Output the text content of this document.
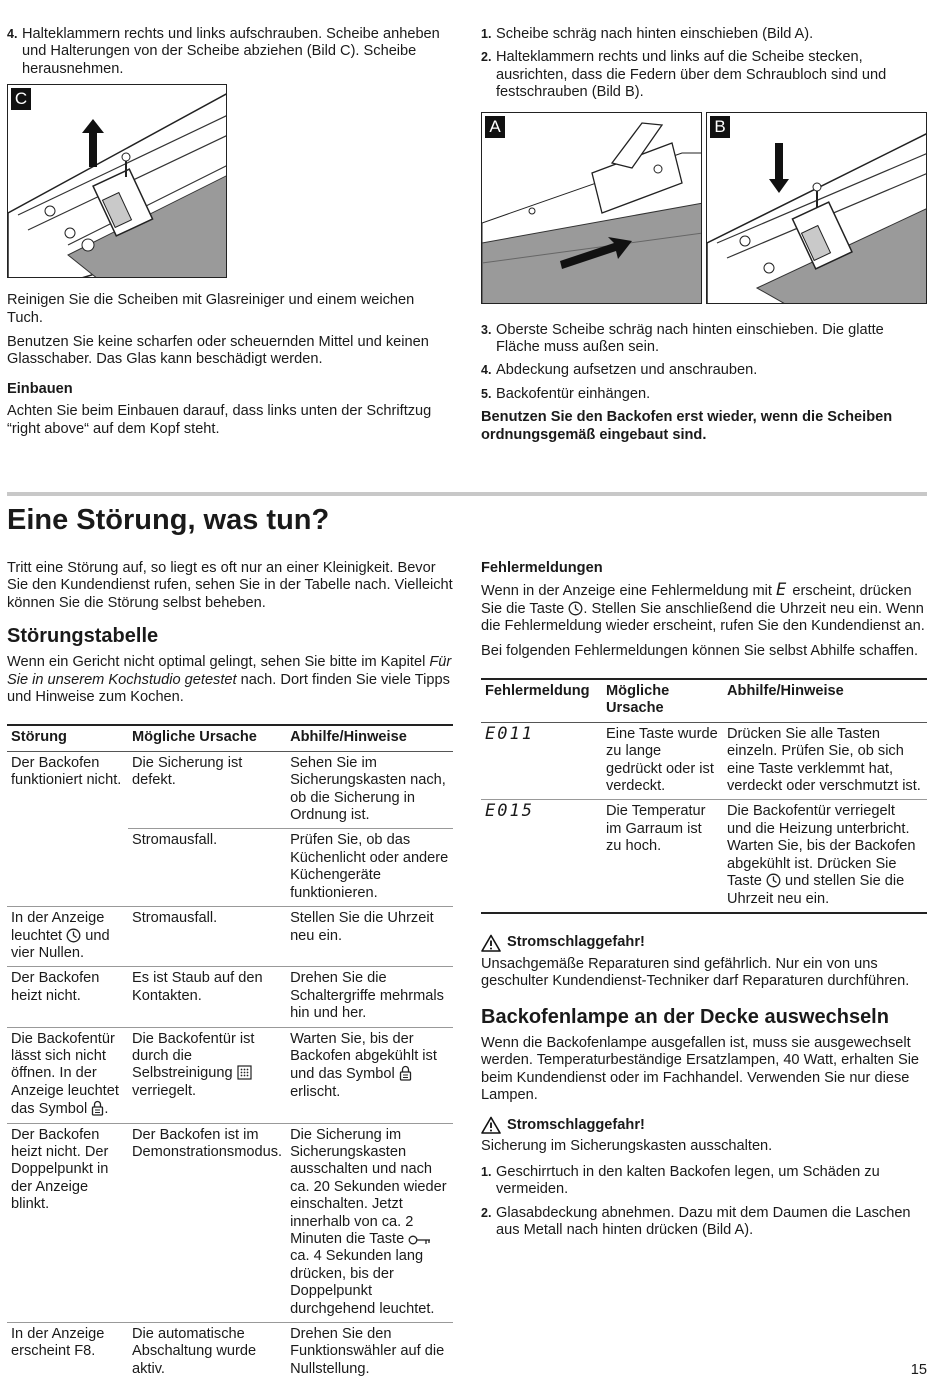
4. Halteklammern rechts und links aufschrauben. Scheibe anheben und Halterungen von der Scheibe abziehen (Bild C). Scheibe herausnehmen.
C

Reinigen Sie die Scheiben mit Glasreiniger und einem weichen Tuch.

Benutzen Sie keine scharfen oder scheuernden Mittel und keinen Glasschaber. Das Glas kann beschädigt werden.

Einbauen

Achten Sie beim Einbauen darauf, dass links unten der Schriftzug “right above“ auf dem Kopf steht.

1. Scheibe schräg nach hinten einschieben (Bild A).
2. Halteklammern rechts und links auf die Scheibe stecken, ausrichten, dass die Federn über dem Schraubloch sind und festschrauben (Bild B).
A	B
3. Oberste Scheibe schräg nach hinten einschieben. Die glatte Fläche muss außen sein.
4. Abdeckung aufsetzen und anschrauben.
5. Backofentür einhängen.

Benutzen Sie den Backofen erst wieder, wenn die Scheiben ordnungsgemäß eingebaut sind.

Eine Störung, was tun?

Tritt eine Störung auf, so liegt es oft nur an einer Kleinigkeit. Bevor Sie den Kundendienst rufen, sehen Sie in der Tabelle nach. Vielleicht können Sie die Störung selbst beheben.

Störungstabelle

Wenn ein Gericht nicht optimal gelingt, sehen Sie bitte im Kapitel Für Sie in unserem Kochstudio getestet nach. Dort finden Sie viele Tipps und Hinweise zum Kochen.

Störung	Mögliche Ursache	Abhilfe/Hinweise
Der Backofen funktioniert nicht.	Die Sicherung ist defekt.	Sehen Sie im Sicherungskasten nach, ob die Sicherung in Ordnung ist.
	Stromausfall.	Prüfen Sie, ob das Küchenlicht oder andere Küchengeräte funktionieren.
In der Anzeige leuchtet  und vier Nullen.	Stromausfall.	Stellen Sie die Uhrzeit neu ein.
Der Backofen heizt nicht.	Es ist Staub auf den Kontakten.	Drehen Sie die Schaltergriffe mehrmals hin und her.
Die Backofentür lässt sich nicht öffnen. In der Anzeige leuchtet das Symbol .	Die Backofentür ist durch die Selbstreinigung  verriegelt.	Warten Sie, bis der Backofen abgekühlt ist und das Symbol  erlischt.
Der Backofen heizt nicht. Der Doppelpunkt in der Anzeige blinkt.	Der Backofen ist im Demonstrationsmodus.	Die Sicherung im Sicherungskasten ausschalten und nach ca. 20 Sekunden wieder einschalten. Jetzt innerhalb von ca. 2 Minuten die Taste  ca. 4 Sekunden lang drücken, bis der Doppelpunkt durchgehend leuchtet.
In der Anzeige erscheint F8.	Die automatische Abschaltung wurde aktiv.	Drehen Sie den Funktionswähler auf die Nullstellung.
Fehlermeldungen

Wenn in der Anzeige eine Fehlermeldung mit E erscheint, drücken Sie die Taste . Stellen Sie anschließend die Uhrzeit neu ein. Wenn die Fehlermeldung wieder erscheint, rufen Sie den Kundendienst an.

Bei folgenden Fehlermeldungen können Sie selbst Abhilfe schaffen.

Fehlermeldung	Mögliche Ursache	Abhilfe/Hinweise
E011	Eine Taste wurde zu lange gedrückt oder ist verdeckt.	Drücken Sie alle Tasten einzeln. Prüfen Sie, ob sich eine Taste verklemmt hat, verdeckt oder verschmutzt ist.
E015	Die Temperatur im Garraum ist zu hoch.	Die Backofentür verriegelt und die Heizung unterbricht. Warten Sie, bis der Backofen abgekühlt ist. Drücken Sie Taste  und stellen Sie die Uhrzeit neu ein.
Stromschlaggefahr!

Unsachgemäße Reparaturen sind gefährlich. Nur ein von uns geschulter Kundendienst-Techniker darf Reparaturen durchführen.

Backofenlampe an der Decke auswechseln

Wenn die Backofenlampe ausgefallen ist, muss sie ausgewechselt werden. Temperaturbeständige Ersatzlampen, 40 Watt, erhalten Sie beim Kundendienst oder im Fachhandel. Verwenden Sie nur diese Lampen.

Stromschlaggefahr!

Sicherung im Sicherungskasten ausschalten.

1. Geschirrtuch in den kalten Backofen legen, um Schäden zu vermeiden.
2. Glasabdeckung abnehmen. Dazu mit dem Daumen die Laschen aus Metall nach hinten drücken (Bild A).
15
